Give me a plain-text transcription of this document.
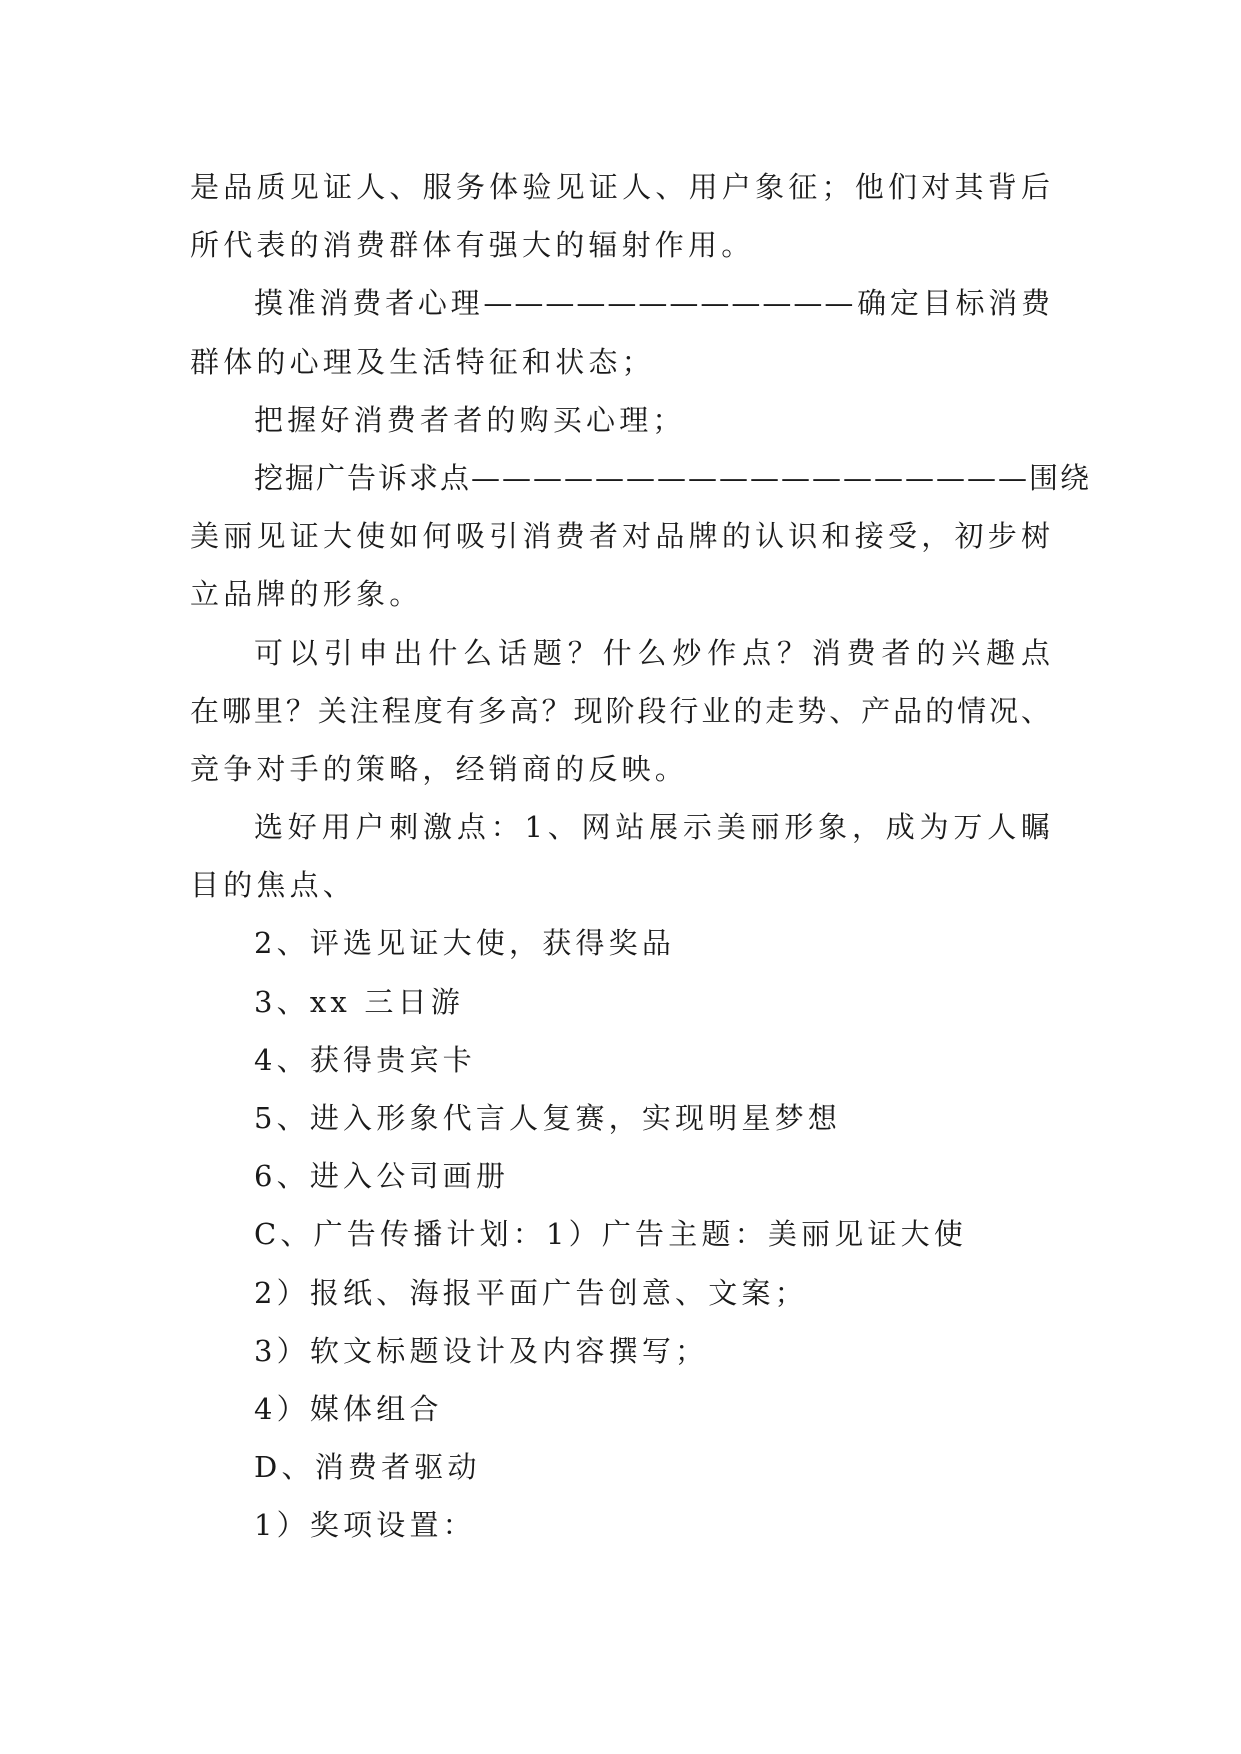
是品质见证人、服务体验见证人、用户象征；他们对其背后
所代表的消费群体有强大的辐射作用。
摸准消费者心理————————————确定目标消费
群体的心理及生活特征和状态；
把握好消费者者的购买心理；
挖掘广告诉求点——————————————————围绕
美丽见证大使如何吸引消费者对品牌的认识和接受，初步树
立品牌的形象。
可以引申出什么话题？什么炒作点？消费者的兴趣点
在哪里？关注程度有多高？现阶段行业的走势、产品的情况、
竞争对手的策略，经销商的反映。
选好用户刺激点：1、网站展示美丽形象，成为万人瞩
目的焦点、
2、评选见证大使，获得奖品
3、xx 三日游
4、获得贵宾卡
5、进入形象代言人复赛，实现明星梦想
6、进入公司画册
C、广告传播计划：1）广告主题：美丽见证大使
2）报纸、海报平面广告创意、文案；
3）软文标题设计及内容撰写；
4）媒体组合
D、消费者驱动
1）奖项设置：
